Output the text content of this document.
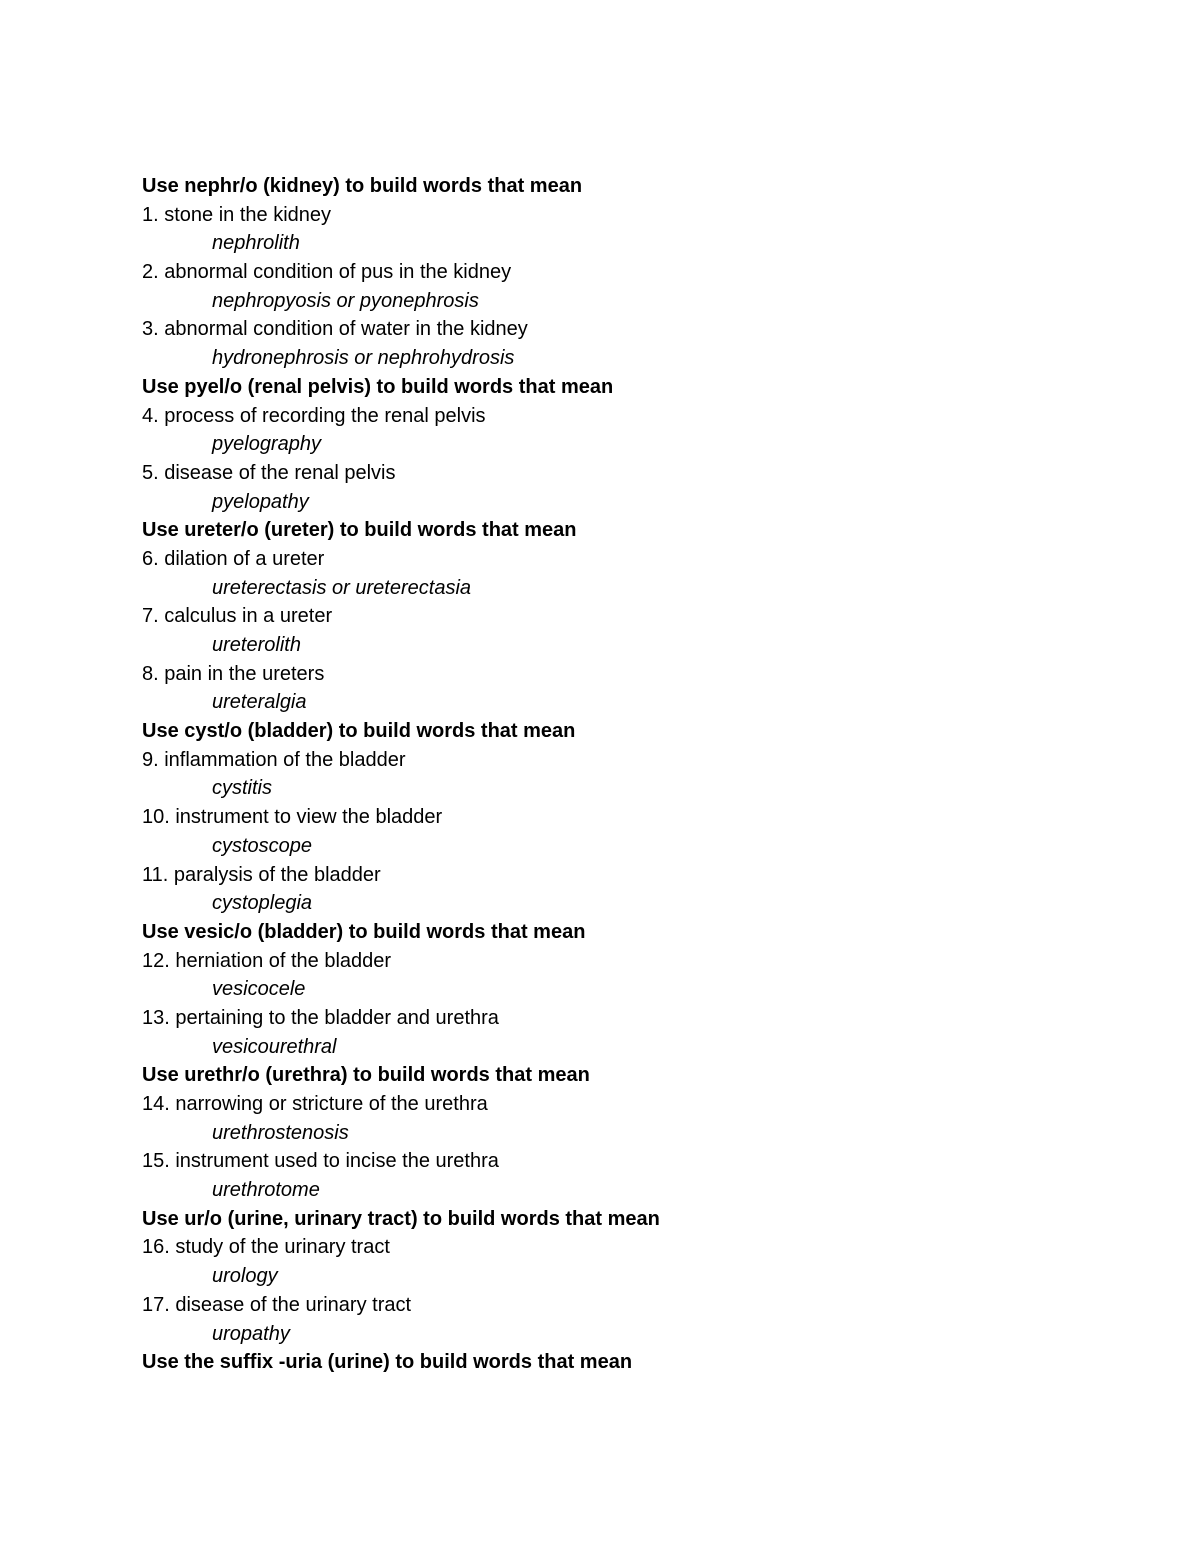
Use nephr/o (kidney) to build words that mean
1. stone in the kidney
nephrolith
2. abnormal condition of pus in the kidney
nephropyosis or pyonephrosis
3. abnormal condition of water in the kidney
hydronephrosis or nephrohydrosis
Use pyel/o (renal pelvis) to build words that mean
4. process of recording the renal pelvis
pyelography
5. disease of the renal pelvis
pyelopathy
Use ureter/o (ureter) to build words that mean
6. dilation of a ureter
ureterectasis or ureterectasia
7. calculus in a ureter
ureterolith
8. pain in the ureters
ureteralgia
Use cyst/o (bladder) to build words that mean
9. inflammation of the bladder
cystitis
10. instrument to view the bladder
cystoscope
11. paralysis of the bladder
cystoplegia
Use vesic/o (bladder) to build words that mean
12. herniation of the bladder
vesicocele
13. pertaining to the bladder and urethra
vesicourethral
Use urethr/o (urethra) to build words that mean
14. narrowing or stricture of the urethra
urethrostenosis
15. instrument used to incise the urethra
urethrotome
Use ur/o (urine, urinary tract) to build words that mean
16. study of the urinary tract
urology
17. disease of the urinary tract
uropathy
Use the suffix -uria (urine) to build words that mean
